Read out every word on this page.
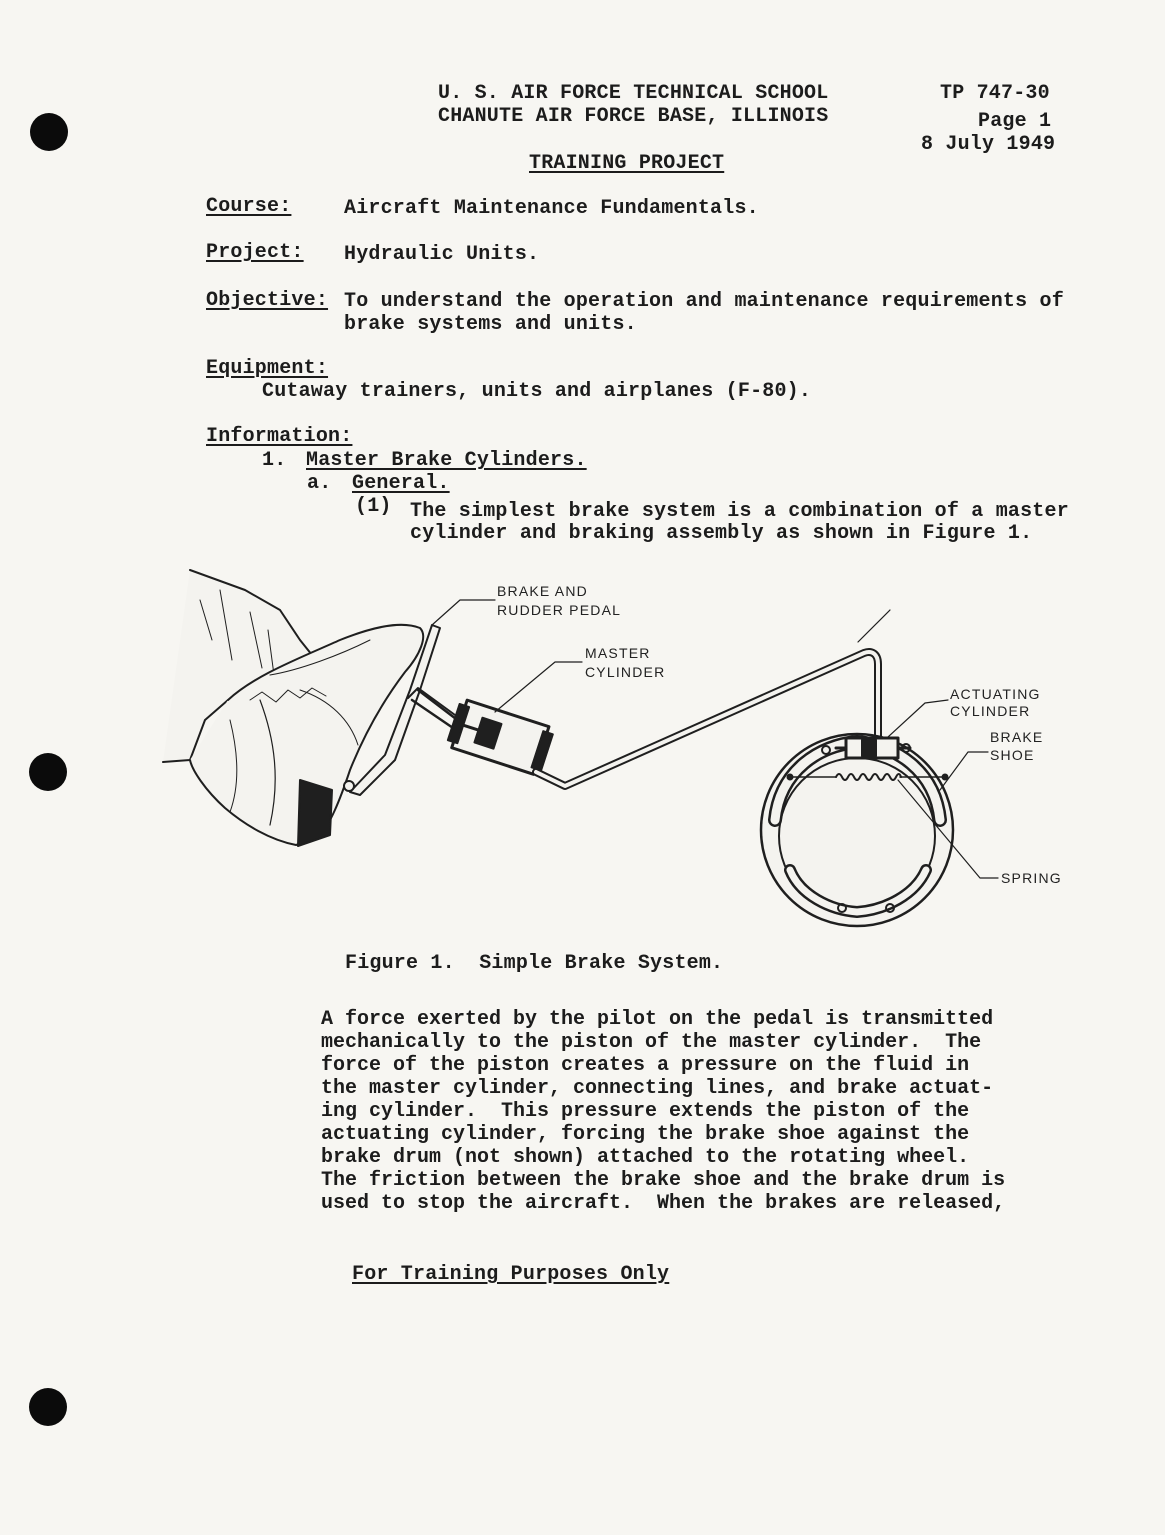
U. S. AIR FORCE TECHNICAL SCHOOL
CHANUTE AIR FORCE BASE, ILLINOIS
TP 747-30
Page 1
8 July 1949
TRAINING PROJECT
Course:	Aircraft Maintenance Fundamentals.
Project: Hydraulic Units.
Objective: To understand the operation and maintenance requirements of
brake systems and units.
Equipment:
Cutaway trainers, units and airplanes (F-80).
Information:
1. Master Brake Cylinders.
a. General.
(1) The simplest brake system is a combination of a master
cylinder and braking assembly as shown in Figure 1.
BRAKE AND
RUDDER PEDAL
MASTER
CYLINDER
ACTUATING
CYLINDER
BRAKE
SHOE
SPRING
Figure 1.  Simple Brake System.
A force exerted by the pilot on the pedal is transmitted
mechanically to the piston of the master cylinder.  The
force of the piston creates a pressure on the fluid in
the master cylinder, connecting lines, and brake actuat-
ing cylinder.  This pressure extends the piston of the
actuating cylinder, forcing the brake shoe against the
brake drum (not shown) attached to the rotating wheel.
The friction between the brake shoe and the brake drum is
used to stop the aircraft.  When the brakes are released,
For Training Purposes Only
